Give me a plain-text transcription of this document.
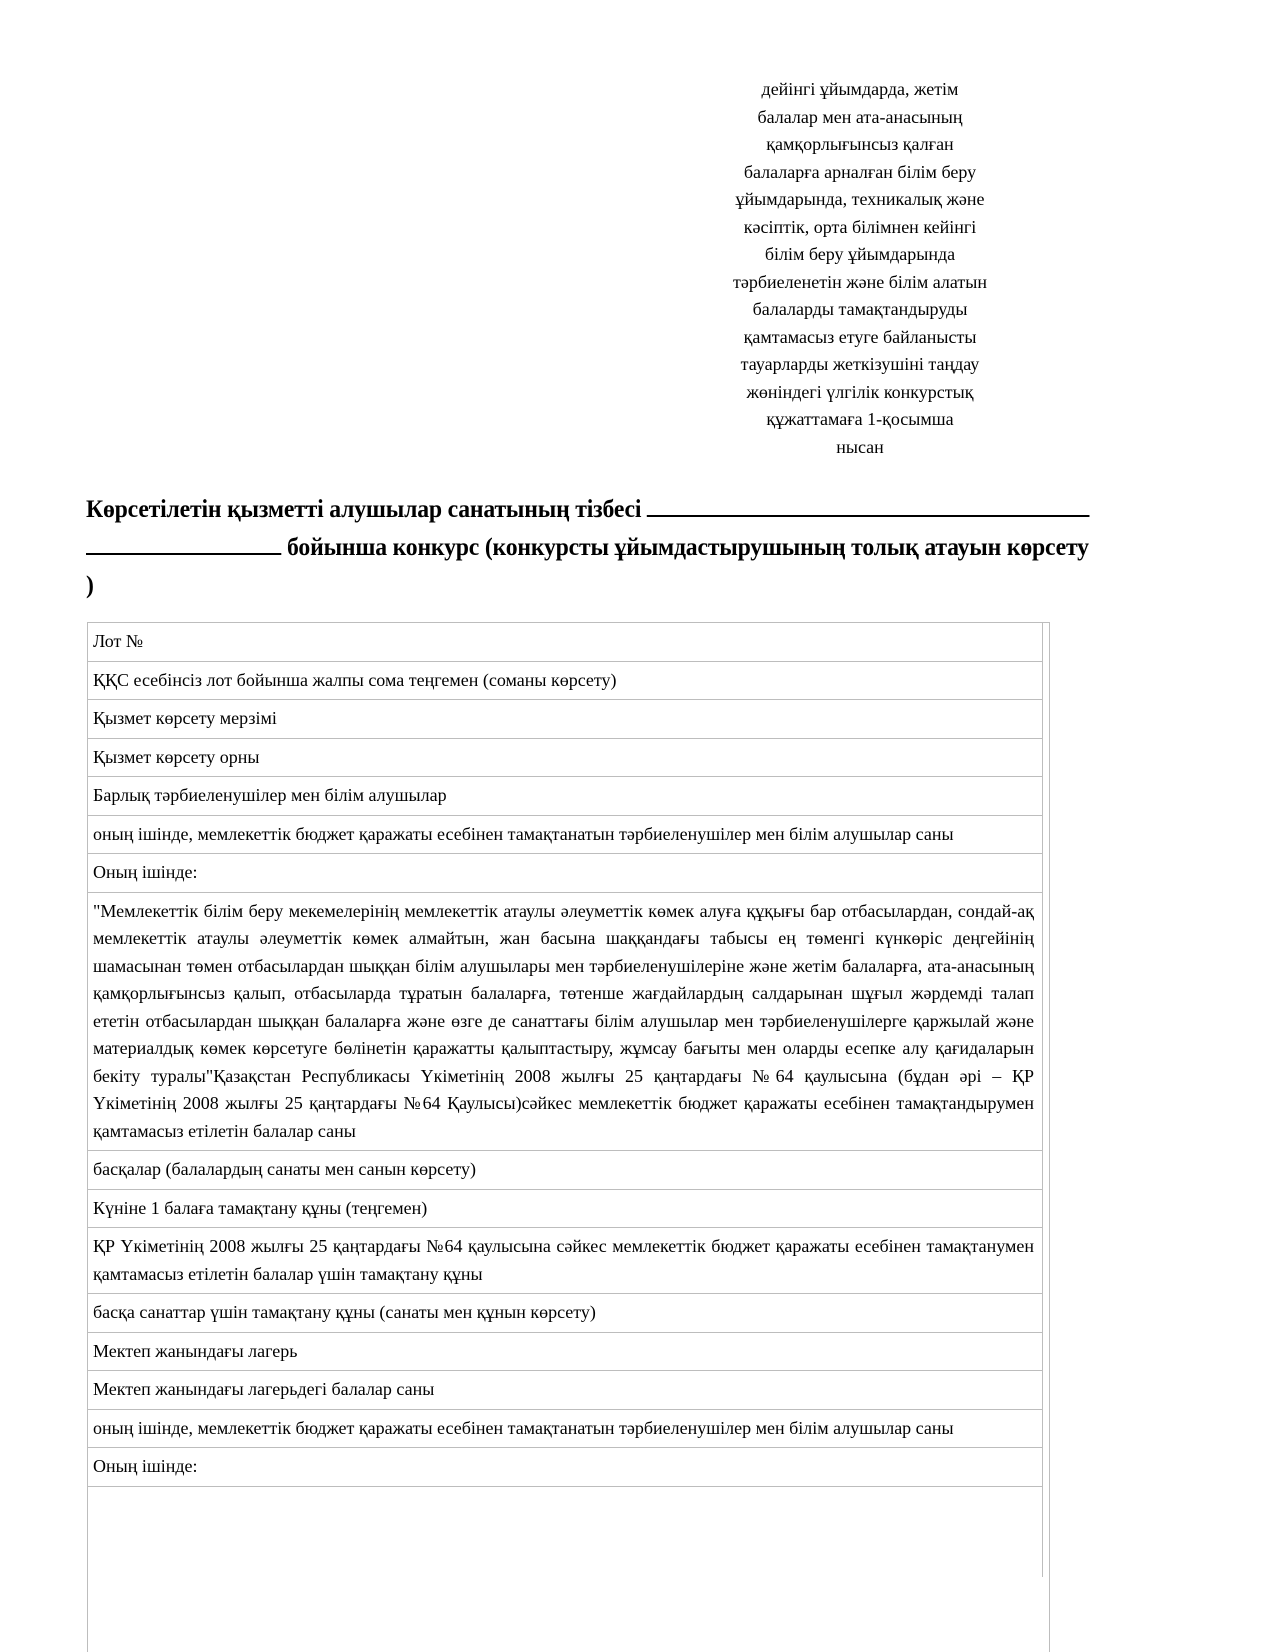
дейінгі ұйымдарда, жетім
балалар мен ата-анасының
қамқорлығынсыз қалған
балаларға арналған білім беру
ұйымдарында, техникалық және
кәсіптік, орта білімнен кейінгі
білім беру ұйымдарында
тәрбиеленетін және білім алатын
балаларды тамақтандыруды
қамтамасыз етуге байланысты
тауарларды жеткізушіні таңдау
жөніндегі үлгілік конкурстық
құжаттамаға 1-қосымша
нысан
Көрсетілетін қызметті алушылар санатының тізбесі
бойынша конкурс (конкурсты ұйымдастырушының толық атауын көрсету
)
Лот №
ҚҚС есебінсіз лот бойынша жалпы сома теңгемен (соманы көрсету)
Қызмет көрсету мерзімі
Қызмет көрсету орны
Барлық тәрбиеленушілер мен білім алушылар
оның ішінде, мемлекеттік бюджет қаражаты есебінен тамақтанатын тәрбиеленушілер мен білім алушылар саны
Оның ішінде:
"Мемлекеттік білім беру мекемелерінің мемлекеттік атаулы әлеуметтік көмек алуға құқығы бар отбасылардан, сондай-ақ мемлекеттік атаулы әлеуметтік көмек алмайтын, жан басына шаққандағы табысы ең төменгі күнкөріс деңгейінің шамасынан төмен отбасылардан шыққан білім алушылары мен тәрбиеленушілеріне және жетім балаларға, ата-анасының қамқорлығынсыз қалып, отбасыларда тұратын балаларға, төтенше жағдайлардың салдарынан шұғыл жәрдемді талап ететін отбасылардан шыққан балаларға және өзге де санаттағы білім алушылар мен тәрбиеленушілерге қаржылай және материалдық көмек көрсетуге бөлінетін қаражатты қалыптастыру, жұмсау бағыты мен оларды есепке алу қағидаларын бекіту туралы"Қазақстан Республикасы Үкіметінің 2008 жылғы 25 қаңтардағы №64 қаулысына (бұдан әрі – ҚР Үкіметінің 2008 жылғы 25 қаңтардағы №64 Қаулысы)сәйкес мемлекеттік бюджет қаражаты есебінен тамақтандырумен қамтамасыз етілетін балалар саны
басқалар (балалардың санаты мен санын көрсету)
Күніне 1 балаға тамақтану құны (теңгемен)
ҚР Үкіметінің 2008 жылғы 25 қаңтардағы №64 қаулысына сәйкес мемлекеттік бюджет қаражаты есебінен тамақтанумен қамтамасыз етілетін балалар үшін тамақтану құны
басқа санаттар үшін тамақтану құны (санаты мен құнын көрсету)
Мектеп жанындағы лагерь
Мектеп жанындағы лагерьдегі балалар саны
оның ішінде, мемлекеттік бюджет қаражаты есебінен тамақтанатын тәрбиеленушілер мен білім алушылар саны
Оның ішінде:
